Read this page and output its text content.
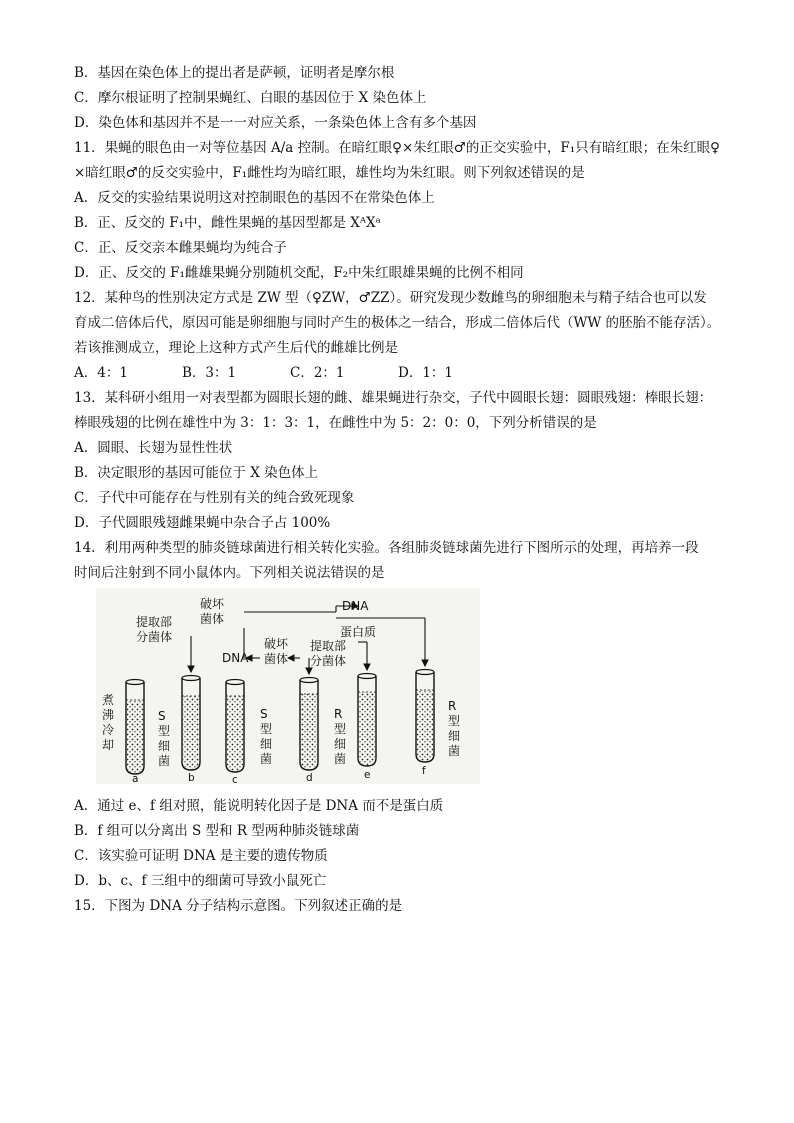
B．基因在染色体上的提出者是萨顿，证明者是摩尔根
C．摩尔根证明了控制果蝇红、白眼的基因位于 X 染色体上
D．染色体和基因并不是一一对应关系，一条染色体上含有多个基因
11．果蝇的眼色由一对等位基因 A/a 控制。在暗红眼♀×朱红眼♂的正交实验中，F₁只有暗红眼；在朱红眼♀
×暗红眼♂的反交实验中，F₁雌性均为暗红眼，雄性均为朱红眼。则下列叙述错误的是
A．反交的实验结果说明这对控制眼色的基因不在常染色体上
B．正、反交的 F₁中，雌性果蝇的基因型都是 XᴬXᵃ
C．正、反交亲本雌果蝇均为纯合子
D．正、反交的 F₁雌雄果蝇分别随机交配，F₂中朱红眼雄果蝇的比例不相同
12．某种鸟的性别决定方式是 ZW 型（♀ZW，♂ZZ）。研究发现少数雌鸟的卵细胞未与精子结合也可以发
育成二倍体后代，原因可能是卵细胞与同时产生的极体之一结合，形成二倍体后代（WW 的胚胎不能存活）。
若该推测成立，理论上这种方式产生后代的雌雄比例是
A．4：1	B．3：1	C．2：1	D．1：1
13．某科研小组用一对表型都为圆眼长翅的雌、雄果蝇进行杂交，子代中圆眼长翅：圆眼残翅：棒眼长翅：
棒眼残翅的比例在雄性中为 3：1：3：1，在雌性中为 5：2：0：0，下列分析错误的是
A．圆眼、长翅为显性性状
B．决定眼形的基因可能位于 X 染色体上
C．子代中可能存在与性别有关的纯合致死现象
D．子代圆眼残翅雌果蝇中杂合子占 100%
14．利用两种类型的肺炎链球菌进行相关转化实验。各组肺炎链球菌先进行下图所示的处理，再培养一段
时间后注射到不同小鼠体内。下列相关说法错误的是
煮沸冷却
提取部分菌体
破坏菌体
DNA
蛋白质
DNA
破坏菌体
提取部分菌体
S 型细菌
S 型细菌
R 型细菌
R 型细菌
a	b	c	d	e	f
A．通过 e、f 组对照，能说明转化因子是 DNA 而不是蛋白质
B．f 组可以分离出 S 型和 R 型两种肺炎链球菌
C．该实验可证明 DNA 是主要的遗传物质
D．b、c、f 三组中的细菌可导致小鼠死亡
15．下图为 DNA 分子结构示意图。下列叙述正确的是
